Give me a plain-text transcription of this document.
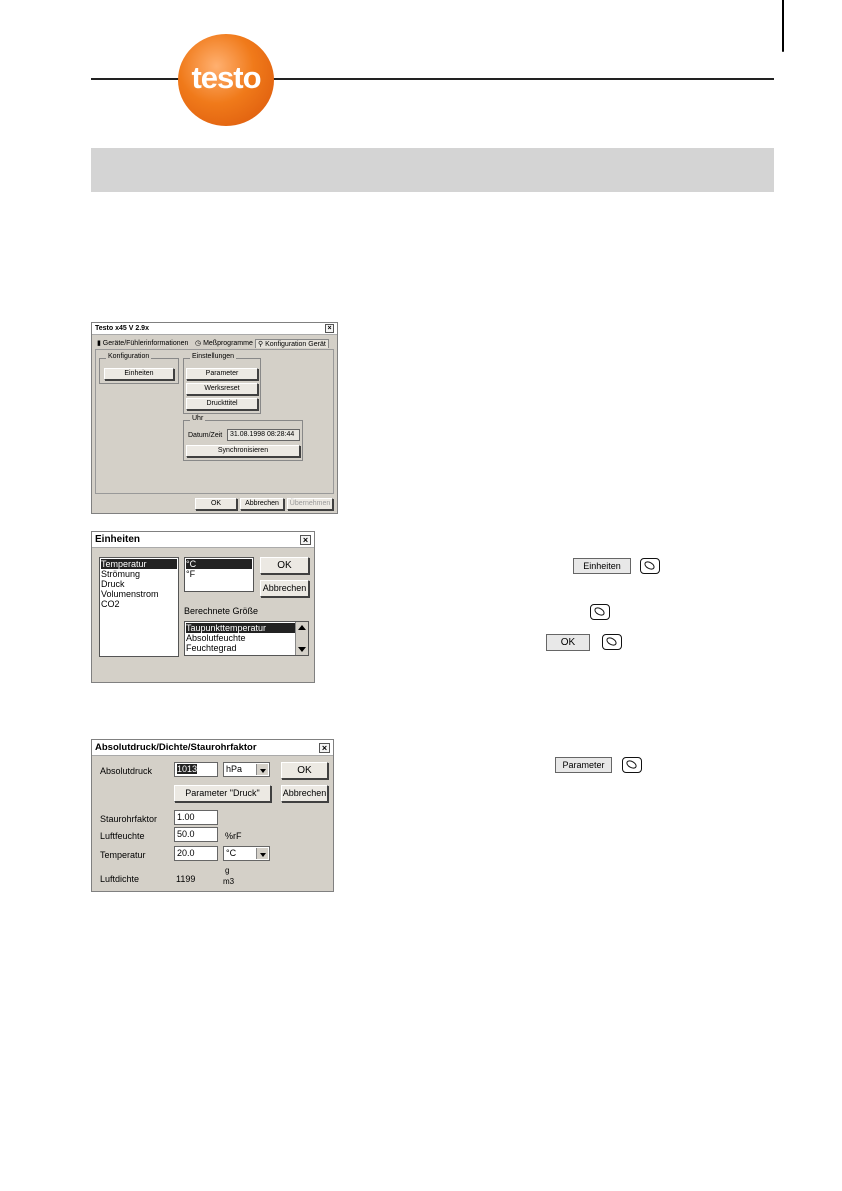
testo
Testo x45 V 2.9x	×
▮ Geräte/Fühlerinformationen ◷ Meßprogramme ⚲ Konfiguration Gerät
Konfiguration
Einheiten
Einstellungen
Parameter
Werksreset
Druckttitel
Uhr
Datum/Zeit	31.08.1998 08:28:44
Synchronisieren
OK	Abbrechen	Übernehmen
Einheiten	×
Temperatur
Strömung
Druck
Volumenstrom
CO2
°C
°F
OK
Abbrechen
Berechnete Größe
Taupunkttemperatur
Absolutfeuchte
Feuchtegrad
Absolutdruck/Dichte/Staurohrfaktor	×
Absolutdruck	1013	hPa	OK
Parameter "Druck"	Abbrechen
Staurohrfaktor	1.00
Luftfeuchte	50.0	%rF
Temperatur	20.0	°C
Luftdichte	1199
g
m3
Einheiten
OK
Parameter
